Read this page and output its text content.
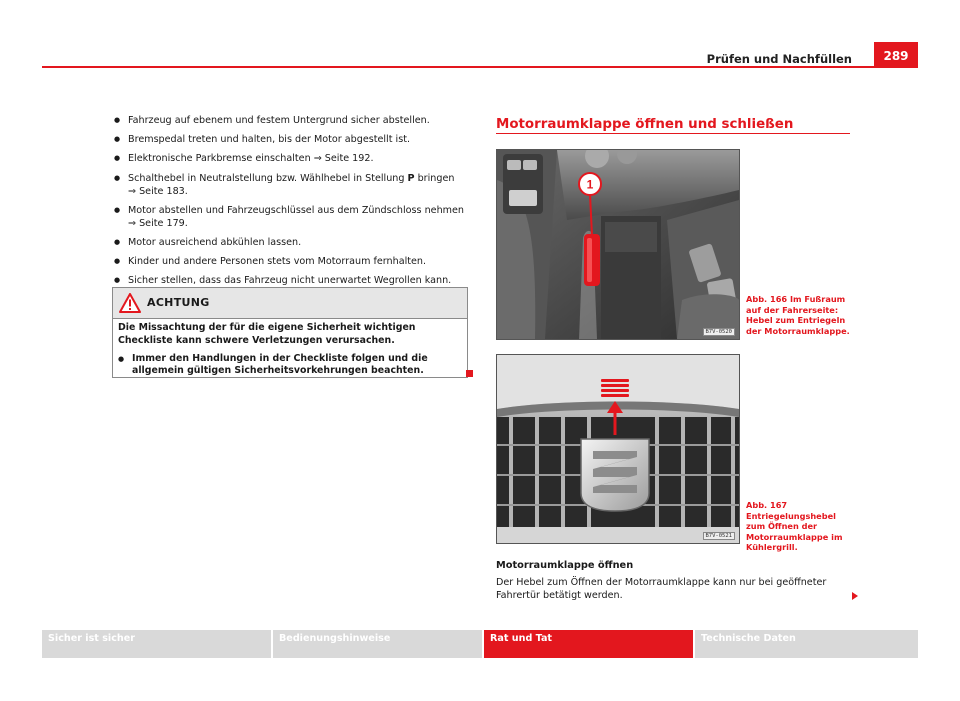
Prüfen und Nachfüllen	289
● Fahrzeug auf ebenem und festem Untergrund sicher abstellen.
● Bremspedal treten und halten, bis der Motor abgestellt ist.
● Elektronische Parkbremse einschalten ⇒ Seite 192.
● Schalthebel in Neutralstellung bzw. Wählhebel in Stellung P bringen ⇒ Seite 183.
● Motor abstellen und Fahrzeugschlüssel aus dem Zündschloss nehmen ⇒ Seite 179.
● Motor ausreichend abkühlen lassen.
● Kinder und andere Personen stets vom Motorraum fernhalten.
● Sicher stellen, dass das Fahrzeug nicht unerwartet Wegrollen kann.
ACHTUNG

Die Missachtung der für die eigene Sicherheit wichtigen Checkliste kann schwere Verletzungen verursachen.

● Immer den Handlungen in der Checkliste folgen und die allgemein gültigen Sicherheitsvorkehrungen beachten.

Motorraumklappe öffnen und schließen
1
B7V-0520
Abb. 166 Im Fußraum auf der Fahrerseite: Hebel zum Entriegeln der Motorraumklappe.
B7V-0521
Abb. 167 Entriegelungshebel zum Öffnen der Motorraumklappe im Kühlergrill.
Motorraumklappe öffnen
Der Hebel zum Öffnen der Motorraumklappe kann nur bei geöffneter Fahrertür betätigt werden.
Sicher ist sicher	Bedienungshinweise	Rat und Tat	Technische Daten
